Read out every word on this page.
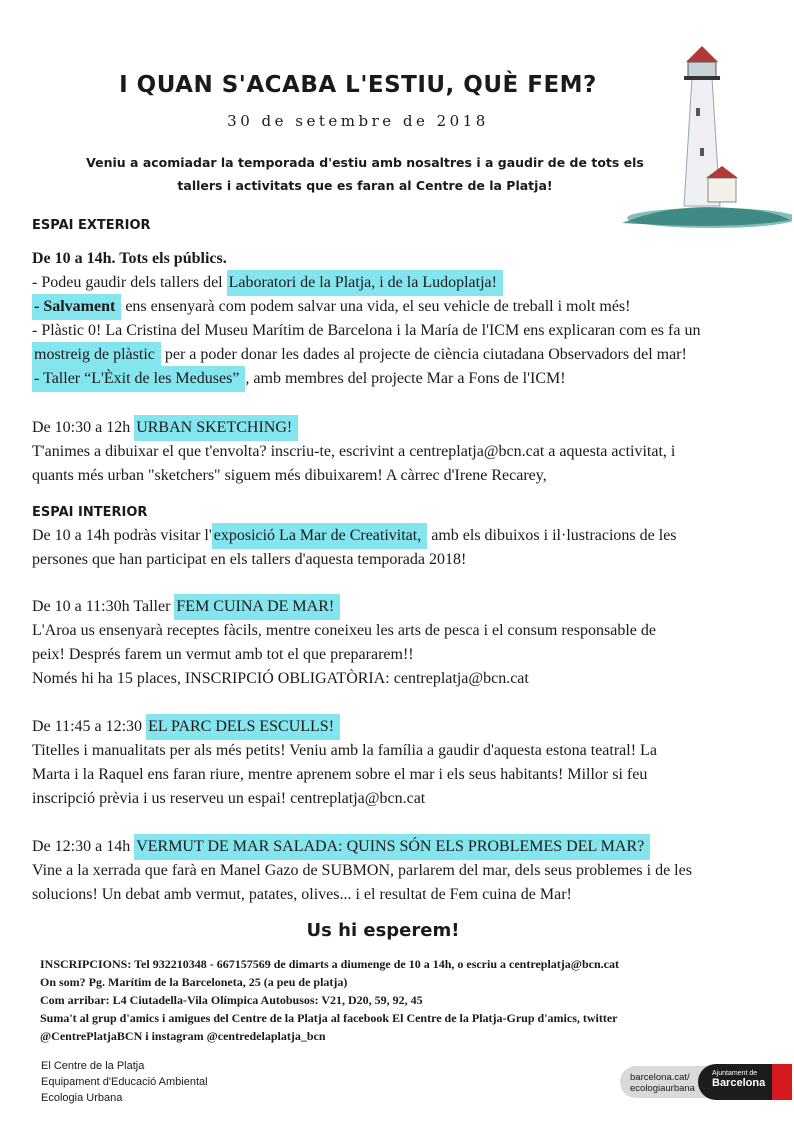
I QUAN S'ACABA L'ESTIU, QUÈ FEM?
30 de setembre de 2018
Veniu a acomiadar la temporada d'estiu amb nosaltres i a gaudir de de tots els
tallers i activitats que es faran al Centre de la Platja!
ESPAI EXTERIOR
De 10 a 14h. Tots els públics.
- Podeu gaudir dels tallers del Laboratori de la Platja, i de la Ludoplatja!
- Salvament ens ensenyarà com podem salvar una vida, el seu vehicle de treball i molt més!
- Plàstic 0! La Cristina del Museu Marítim de Barcelona i la María de l'ICM ens explicaran com es fa un
mostreig de plàstic per a poder donar les dades al projecte de ciència ciutadana Observadors del mar!
- Taller “L'Èxit de les Meduses” , amb membres del projecte Mar a Fons de l'ICM!
De 10:30 a 12h URBAN SKETCHING!
T'animes a dibuixar el que t'envolta? inscriu-te, escrivint a centreplatja@bcn.cat a aquesta activitat, i
quants més urban "sketchers" siguem més dibuixarem! A càrrec d'Irene Recarey,
ESPAI INTERIOR
De 10 a 14h podràs visitar l' exposició La Mar de Creativitat, amb els dibuixos i il·lustracions de les
persones que han participat en els tallers d'aquesta temporada 2018!
De 10 a 11:30h Taller FEM CUINA DE MAR!
L'Aroa us ensenyarà receptes fàcils, mentre coneixeu les arts de pesca i el consum responsable de
peix! Després farem un vermut amb tot el que prepararem!!
Només hi ha 15 places, INSCRIPCIÓ OBLIGATÒRIA: centreplatja@bcn.cat
De 11:45 a 12:30 EL PARC DELS ESCULLS!
Titelles i manualitats per als més petits! Veniu amb la família a gaudir d'aquesta estona teatral! La
Marta i la Raquel ens faran riure, mentre aprenem sobre el mar i els seus habitants! Millor si feu
inscripció prèvia i us reserveu un espai! centreplatja@bcn.cat
De 12:30 a 14h VERMUT DE MAR SALADA: QUINS SÓN ELS PROBLEMES DEL MAR?
Vine a la xerrada que farà en Manel Gazo de SUBMON, parlarem del mar, dels seus problemes i de les
solucions! Un debat amb vermut, patates, olives... i el resultat de Fem cuina de Mar!
Us hi esperem!
INSCRIPCIONS: Tel 932210348 - 667157569 de dimarts a diumenge de 10 a 14h, o escriu a centreplatja@bcn.cat
On som? Pg. Marítim de la Barceloneta, 25 (a peu de platja)
Com arribar: L4 Ciutadella-Vila Olímpica Autobusos: V21, D20, 59, 92, 45
Suma't al grup d'amics i amigues del Centre de la Platja al facebook El Centre de la Platja-Grup d'amics, twitter
@CentrePlatjaBCN i instagram @centredelaplatja_bcn
El Centre de la Platja
Equipament d'Educació Ambiental
Ecologia Urbana
barcelona.cat/
ecologiaurbana
Ajuntament de
Barcelona
